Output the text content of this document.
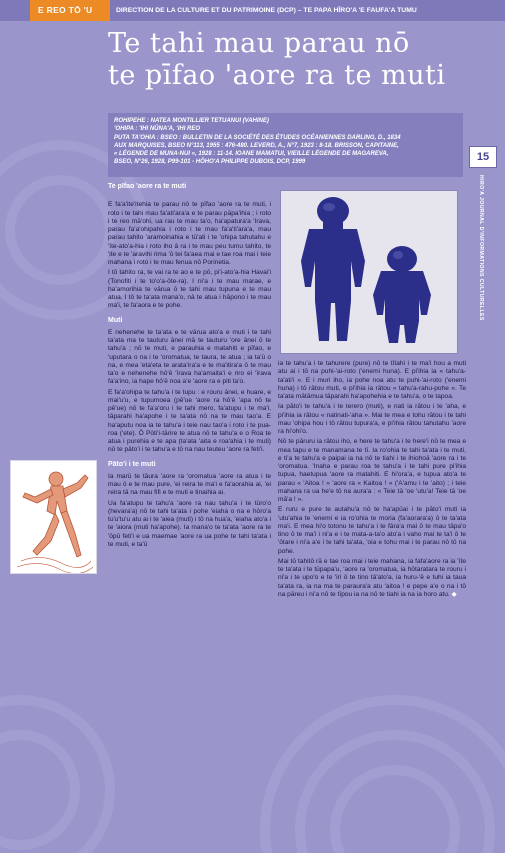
E REO TŌ 'U	DIRECTION DE LA CULTURE ET DU PATRIMOINE (DCP) – TE PAPA HĪRO'A 'E FAUFA'A TUMU
Te tahi mau parau nō
te pīfao 'aore ra te muti
ROHIPEHE : NATEA MONTILLIER TETUANUI (VAHINE)
'OHIPA : 'IHI NŪNA'A, 'IHI REO
PUTA TA'OHIA : BSEO : BULLETIN DE LA SOCIÉTÉ DES ÉTUDES OCÉANIENNES DARLING, D., 1834
AUX MARQUISES, BSEO N°113, 1955 : 476-480. LEVERD, A., N°7, 1923 : 8-18. BRISSON, CAPITAINE,
« LÉGENDE DE MUNA-NUI », 1928 : 11-14. IOANE MAMATUI, VIEILLE LÉGENDE DE MAGAREVA,
BSEO, N°26, 1928, P99-101 - HŌHO'A PHILIPPE DUBOIS, DCP, 1999	15
HIRO'A JOURNAL D'INFORMATIONS CULTURELLES
Te pīfao 'aore ra te muti

E fa'a'ite'itehia te parau nō te pīfao 'aore ra te muti, i roto i te tahi mau fa'ati'ara'a e te parau pāpa'ihia ; i roto i te reo mā'ohi, ua rau te mau ta'o, ha'apatura'a 'Irava, parau fa'a'ohipahia i roto i te mau fa'a'ti'ara'a, mau parau tahito 'aramoinahia e tū'ati i te 'ohipa tahutahu e 'īte-ato'a-hia i roto iho â ra i te mau peu tumu tahito, te 'ite e te 'aravihi rima 'ō tei fa'aea mai e tae roa mai i teie mahana i roto i te mau fenua nō Porinetia.

I tō tahito ra, te vai ra te ao e te pō, pi'i-ato'a-hia Havai'i (Tonofiti i te to'o'a-ōte-ra). I ni'a i te mau marae, e ha'amorihia te vārua ō te tahi mau tupuna e te mau atua. I tō te ta'ata mana'o, nā te atua i hāpono i te mau ma'i, te fa'aora e te pohe.

Muti

E nehenehe te ta'ata e te vārua ato'a e muti i te tahi ta'ata ma te tauturu ānei mā te tauturu 'ore ānei ō te tahu'a ; nō te muti, e parauhia e matahiti e pīfao, e 'uputara o na i te 'oromatua, te taura, te atua ; ia ta'ū o na, e mea 'eta'eta te arata'ira'a e te ma'itira'a ō te mau ta'o e nehenehe hō'ē 'īrava ha'amaita'i e riro ei 'īrava fa'a'ino, ia hape hō'ē noa a'e 'aore ra e piti ta'o.

E fa'a'ohipa te tahu'a i te tupu : e rouru ānei, e huare, e mai'u'u, e tupumoea (pē'ue 'aore ra hō'ē 'apa nō te pē'ue) nō te fa'a'oru i te tahi mero, fa'atupu i te ma'i, tāparahi ha'apohe i te ta'ata nō na te mau tao'a. E ha'aputu noa ia te tahu'a i teie nau tao'a i roto i te pua-roa ('ete). Ō Pōti'i-tārire te atua nō te tahu'a e o Roa te atua i purehia e te apa (ta'ata 'aita e roa'ahia i te muti) nō te pāto'i i te tahu'a e tō na nau teuteu 'aore ra feti'i.

Pāto'i i te muti

Ia marū te tāura 'aore ra 'oromatua 'aore ra atua i te mau ō e te mau pure, 'ei reira te ma'i e fa'aorahia ai, 'ei reira tā na mau fifi e te muti e tinaihia ai.

Ua fa'atupu te tahu'a 'aore ra nau tahu'a i te tūro'o (hevara'a) nō te tahi ta'ata i pohe 'eiaha o na e hōro'a tu'u'tu'u atu ai i te 'aiea (muti) i tō na hua'a, 'eiaha ato'a i te 'aiora (muti ha'apohe). Ia mana'o te ta'ata 'aore ra te 'ōpū feti'i e ua maemae 'aore ra ua pohe te tahi ta'ata i te muti, e ta'ū

ia te tahu'a i te tahurere (pure) nō te tītahi i te ma'i hou a muti atu ai i tō na puhi-'ai-roto ('enemi huna). E pi'ihia ia « tahu'a-ta'ati'i ». E i muri iho, ia pohe noa atu te puhi-'ai-roto ('enemi huna) i tō rātou muti, e pi'ihia ia rātou « tahu'a-rahu-pohe ». Te ta'ata mātāmua tāparahi ha'apohehia e te tahu'a, o te tapoa.

Ia pāto'i te tahu'a i te terero (muti), e nati ia rātou i te 'aha, e pi'ihia ia rātou « natinati-'aha ». Mai te mea e tohu rātou i te tahi mau 'ohipa hou i tō rātou tupura'a, e pi'ihia rātou tahutahu 'aore ra hi'ohi'o.

Nō te pāruru ia rātou iho, e here te tahu'a i te here'i nō te mea e mea tapu e te manamana te tī. Ia ro'ohia te tahi ta'ata i te muti, e ti'a te tahu'a e paipai ia na nō te tiahi i te ihiohoā 'aore ra i te 'oromatua. 'Inaha e parau roa te tahu'a i te tahi pure pi'ihia tupua, haetupua 'aore ra matahiti. E hi'ora'a, e tupua ato'a te parau « 'Aitoa ! » 'aore ra « Kaitoa ! » ('A'amu i te 'aito) ; i teie mahana ra ua he'e tō na aura'a : « Teie tā 'oe 'utu'a! Teie tā 'oe mā'a ! ».

E ruru e pure te autahu'a nō te ha'apūai i te pāto'i muti ia 'utu'ahia te 'enemi e ia ro'ohia te moria (fa'aorara'a) ō te ta'ata ma'i. E mea hi'o totonu te tahu'a i te fāra'a mai ō te mau tāpa'o tino ō te ma'i i ni'a e i te mata-a-ta'o ato'a i vaho mai te ta'i ō te 'ōtare i ni'a a'e i te tahi ta'ata, 'oia e tohu mai i te parau nō tō na pohe.

Mai tō tahitō rā e tae roa mai i teie mahana, ia fafa'aore ra ia 'īte te ta'ata i te tūpapa'u, 'aore ra 'oromatua, ia hōtaratara te rouru i ni'a i te upo'o e te 'iri ō te tino tā'ato'a, ia huru-'ē e tuhi ia taua ta'ata ra, ia na ma te paraura'a atu 'aitoa ! e pepe a'e o na i tō na pāreu i ni'a nō te tīpou ia na nō te tiahi ia na ia horo atu. ◆
